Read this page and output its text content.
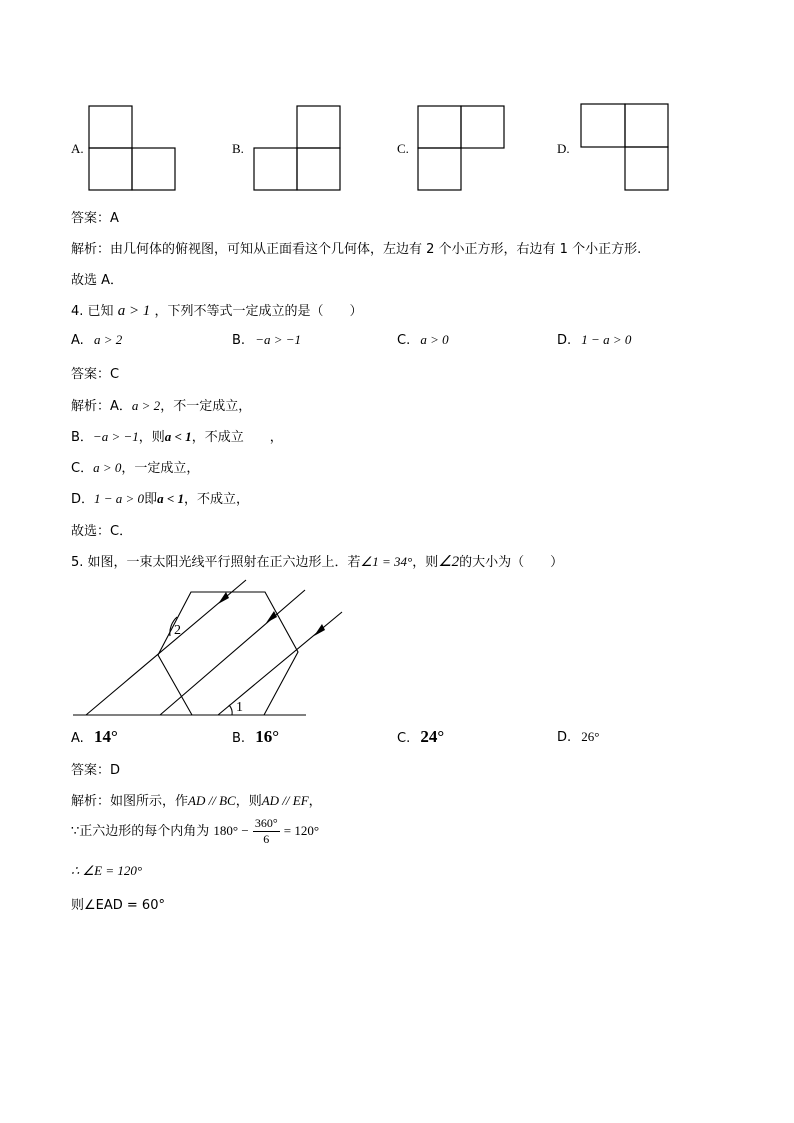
A.	B.	C.	D.
答案：A
解析：由几何体的俯视图，可知从正面看这个几何体，左边有 2 个小正方形，右边有 1 个小正方形.
故选 A．
4. 已知 a > 1 ，下列不等式一定成立的是（　　）
A. a > 2	B. −a > −1	C. a > 0	D. 1 − a > 0
答案：C
解析：A．a > 2，不一定成立，
B．−a > −1，则a < 1，不成立　　，
C．a > 0，一定成立，
D．1 − a > 0即a < 1，不成立，
故选：C．
5. 如图，一束太阳光线平行照射在正六边形上．若∠1 = 34°，则∠2的大小为（　　）
2
1
A. 14°	B. 16°	C. 24°	D. 26°
答案：D
解析：如图所示，作AD // BC，则AD // EF，
∵正六边形的每个内角为 $180^\circ - \frac{360^\circ}{6} = 120^\circ$
∴ ∠E = 120°
则∠EAD = 60°
